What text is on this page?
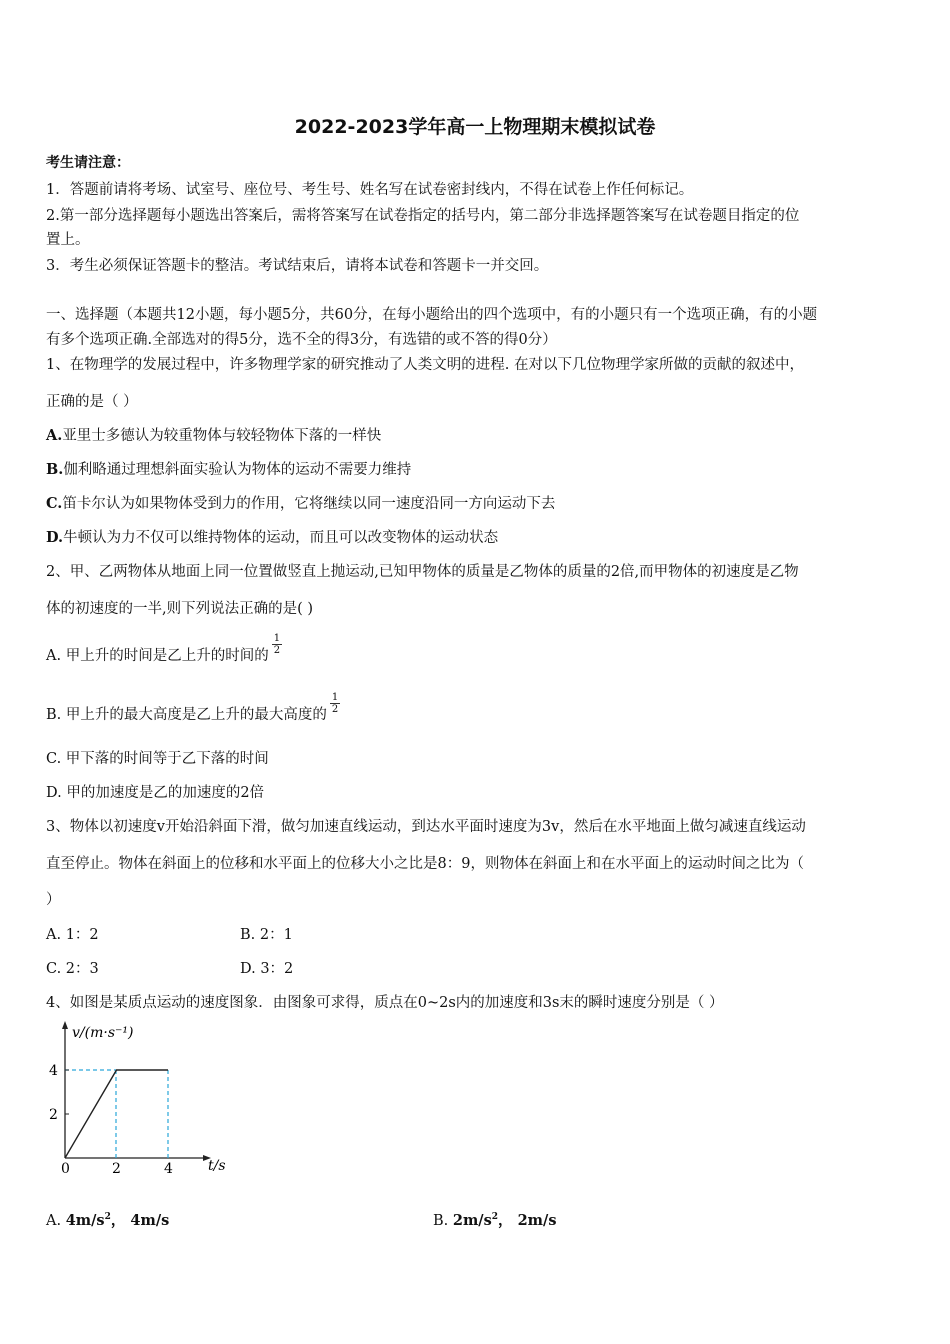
2022-2023学年高一上物理期末模拟试卷
考生请注意：
1．答题前请将考场、试室号、座位号、考生号、姓名写在试卷密封线内，不得在试卷上作任何标记。
2.第一部分选择题每小题选出答案后，需将答案写在试卷指定的括号内，第二部分非选择题答案写在试卷题目指定的位
置上。
3．考生必须保证答题卡的整洁。考试结束后，请将本试卷和答题卡一并交回。
一、选择题（本题共12小题，每小题5分，共60分，在每小题给出的四个选项中，有的小题只有一个选项正确，有的小题
有多个选项正确.全部选对的得5分，选不全的得3分，有选错的或不答的得0分）
1、在物理学的发展过程中，许多物理学家的研究推动了人类文明的进程. 在对以下几位物理学家所做的贡献的叙述中，
正确的是（ ）
A.亚里士多德认为较重物体与较轻物体下落的一样快
B.伽利略通过理想斜面实验认为物体的运动不需要力维持
C.笛卡尔认为如果物体受到力的作用，它将继续以同一速度沿同一方向运动下去
D.牛顿认为力不仅可以维持物体的运动，而且可以改变物体的运动状态
2、甲、乙两物体从地面上同一位置做竖直上抛运动,已知甲物体的质量是乙物体的质量的2倍,而甲物体的初速度是乙物
体的初速度的一半,则下列说法正确的是( )
A. 甲上升的时间是乙上升的时间的$\frac{1}{2}$
B. 甲上升的最大高度是乙上升的最大高度的$\frac{1}{2}$
C. 甲下落的时间等于乙下落的时间
D. 甲的加速度是乙的加速度的2倍
3、物体以初速度v开始沿斜面下滑，做匀加速直线运动，到达水平面时速度为3v，然后在水平地面上做匀减速直线运动
直至停止。物体在斜面上的位移和水平面上的位移大小之比是8：9，则物体在斜面上和在水平面上的运动时间之比为（
）
A. 1：2	B. 2：1
C. 2：3	D. 3：2
4、如图是某质点运动的速度图象．由图象可求得，质点在0~2s内的加速度和3s末的瞬时速度分别是（ ）
v/(m·s⁻¹)
t/s
4
2
0	2	4
A. $4m/s^2$， 4m/s	B. $2m/s^2$， 2m/s
